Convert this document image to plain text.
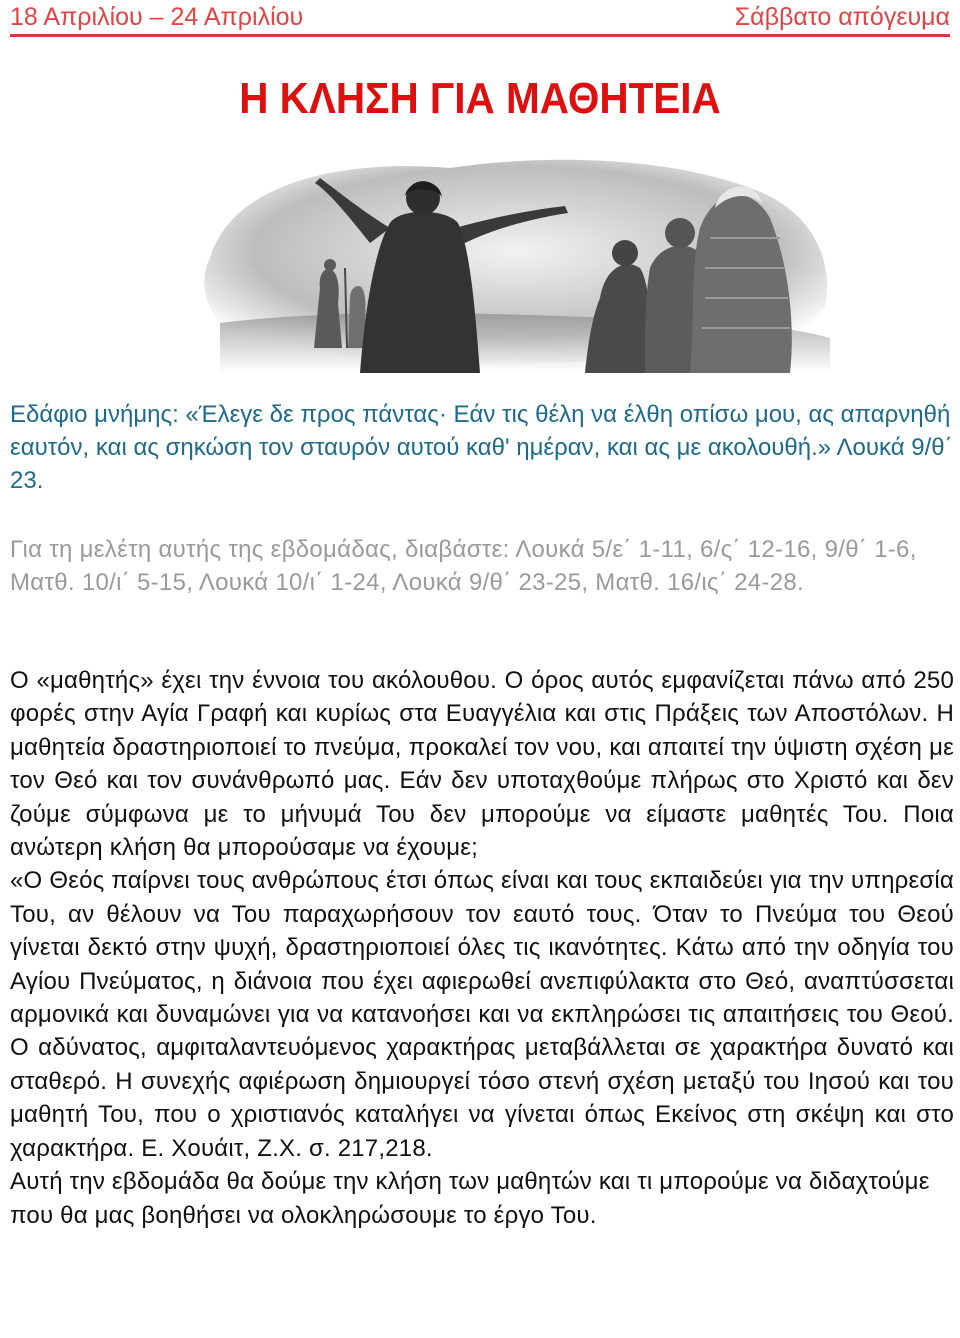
18 Απριλίου – 24 Απριλίου	Σάββατο απόγευμα
Η ΚΛΗΣΗ ΓΙΑ ΜΑΘΗΤΕΙΑ
Εδάφιο μνήμης: «Έλεγε δε προς πάντας· Εάν τις θέλη να έλθη οπίσω μου, ας απαρνηθή εαυτόν, και ας σηκώση τον σταυρόν αυτού καθ' ημέραν, και ας με ακολουθή.» Λουκά 9/θ΄ 23.
Για τη μελέτη αυτής της εβδομάδας, διαβάστε: Λουκά 5/ε΄ 1-11, 6/ς΄ 12-16, 9/θ΄ 1-6, Ματθ. 10/ι΄ 5-15, Λουκά 10/ι΄ 1-24, Λουκά 9/θ΄ 23-25, Ματθ. 16/ις΄ 24-28.

Ο «μαθητής» έχει την έννοια του ακόλουθου. Ο όρος αυτός εμφανίζεται πάνω από 250 φορές στην Αγία Γραφή και κυρίως στα Ευαγγέλια και στις Πράξεις των Αποστόλων. Η μαθητεία δραστηριοποιεί το πνεύμα, προκαλεί τον νου, και απαιτεί την ύψιστη σχέση με τον Θεό και τον συνάνθρωπό μας. Εάν δεν υποταχθούμε πλήρως στο Χριστό και δεν ζούμε σύμφωνα με το μήνυμά Του δεν μπορούμε να είμαστε μαθητές Του. Ποια ανώτερη κλήση θα μπορούσαμε να έχουμε;

«Ο Θεός παίρνει τους ανθρώπους έτσι όπως είναι και τους εκπαιδεύει για την υπηρεσία Του, αν θέλουν να Του παραχωρήσουν τον εαυτό τους. Όταν το Πνεύμα του Θεού γίνεται δεκτό στην ψυχή, δραστηριοποιεί όλες τις ικανότητες. Κάτω από την οδηγία του Αγίου Πνεύματος, η διάνοια που έχει αφιερωθεί ανεπιφύλακτα στο Θεό, αναπτύσσεται αρμονικά και δυναμώνει για να κατανοήσει και να εκπληρώσει τις απαιτήσεις του Θεού. Ο αδύνατος, αμφιταλαντευόμενος χαρακτήρας μεταβάλλεται σε χαρακτήρα δυνατό και σταθερό. Η συνεχής αφιέρωση δημιουργεί τόσο στενή σχέση μεταξύ του Ιησού και του μαθητή Του, που ο χριστιανός καταλήγει να γίνεται όπως Εκείνος στη σκέψη και στο χαρακτήρα. Ε. Χουάιτ, Ζ.Χ. σ. 217,218.

Αυτή την εβδομάδα θα δούμε την κλήση των μαθητών και τι μπορούμε να διδαχτούμε που θα μας βοηθήσει να ολοκληρώσουμε το έργο Του.
